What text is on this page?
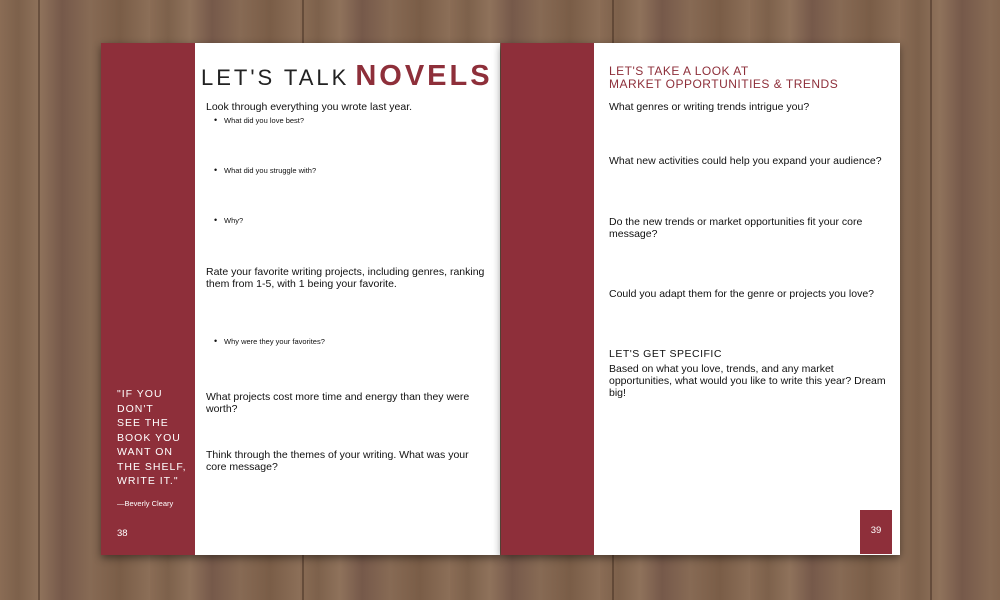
"IF YOU
DON'T
SEE THE
BOOK YOU
WANT ON
THE SHELF,
WRITE IT."
—Beverly Cleary
38
LET'S TALK NOVELS
Look through everything you wrote last year.
• What did you love best?
• What did you struggle with?
• Why?
Rate your favorite writing projects, including genres, ranking them from 1-5, with 1 being your favorite.
• Why were they your favorites?
What projects cost more time and energy than they were worth?
Think through the themes of your writing. What was your core message?
LET'S TAKE A LOOK AT
MARKET OPPORTUNITIES & TRENDS
What genres or writing trends intrigue you?
What new activities could help you expand your audience?
Do the new trends or market opportunities fit your core message?
Could you adapt them for the genre or projects you love?
LET'S GET SPECIFIC
Based on what you love, trends, and any market opportunities, what would you like to write this year? Dream big!
39
